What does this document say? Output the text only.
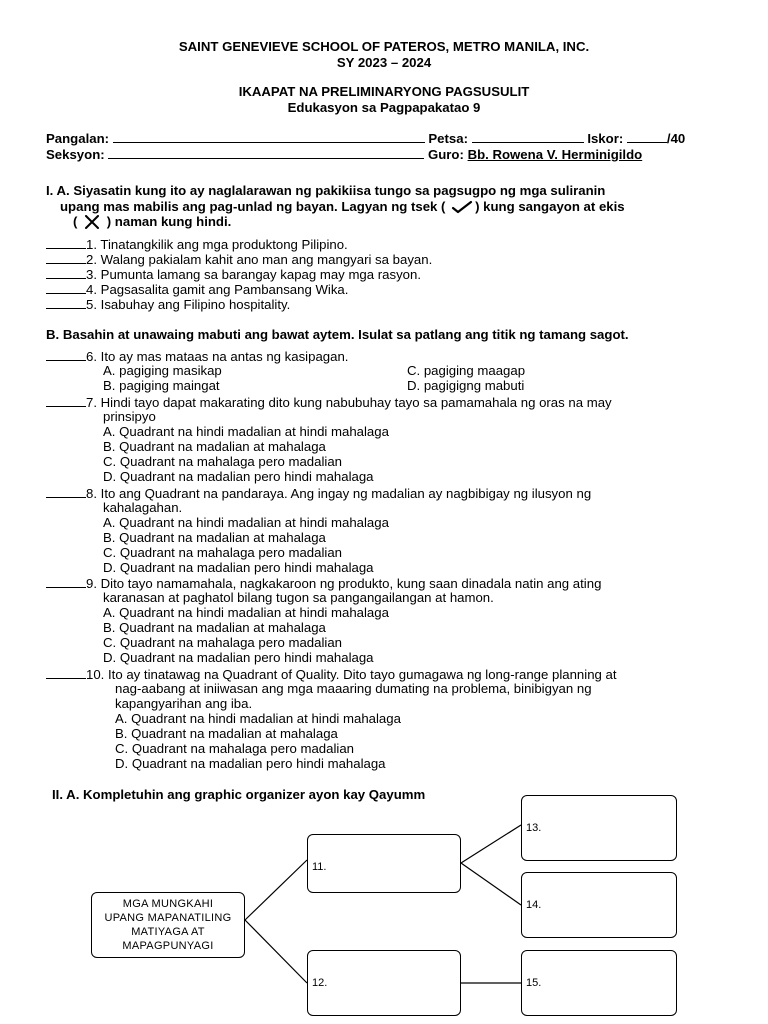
SAINT GENEVIEVE SCHOOL OF PATEROS, METRO MANILA, INC.
SY 2023 – 2024
IKAAPAT NA PRELIMINARYONG PAGSUSULIT
Edukasyon sa Pagpapakatao 9
Pangalan:	Petsa:	Iskor:	/40
Seksyon:	Guro: Bb. Rowena V. Herminigildo
I. A. Siyasatin kung ito ay naglalarawan ng pakikiisa tungo sa pagsugpo ng mga suliranin
upang mas mabilis ang pag-unlad ng bayan. Lagyan ng tsek ( ) kung sangayon at ekis
( ) naman kung hindi.
1. Tinatangkilik ang mga produktong Pilipino.
2. Walang pakialam kahit ano man ang mangyari sa bayan.
3. Pumunta lamang sa barangay kapag may mga rasyon.
4. Pagsasalita gamit ang Pambansang Wika.
5. Isabuhay ang Filipino hospitality.
B. Basahin at unawaing mabuti ang bawat aytem. Isulat sa patlang ang titik ng tamang sagot.
6. Ito ay mas mataas na antas ng kasipagan.
A. pagiging masikap	C. pagiging maagap
B. pagiging maingat	D. pagigigng mabuti
7. Hindi tayo dapat makarating dito kung nabubuhay tayo sa pamamahala ng oras na may
prinsipyo
A. Quadrant na hindi madalian at hindi mahalaga
B. Quadrant na madalian at mahalaga
C. Quadrant na mahalaga pero madalian
D. Quadrant na madalian pero hindi mahalaga
8. Ito ang Quadrant na pandaraya. Ang ingay ng madalian ay nagbibigay ng ilusyon ng
kahalagahan.
A. Quadrant na hindi madalian at hindi mahalaga
B. Quadrant na madalian at mahalaga
C. Quadrant na mahalaga pero madalian
D. Quadrant na madalian pero hindi mahalaga
9. Dito tayo namamahala, nagkakaroon ng produkto, kung saan dinadala natin ang ating
karanasan at paghatol bilang tugon sa pangangailangan at hamon.
A. Quadrant na hindi madalian at hindi mahalaga
B. Quadrant na madalian at mahalaga
C. Quadrant na mahalaga pero madalian
D. Quadrant na madalian pero hindi mahalaga
10. Ito ay tinatawag na Quadrant of Quality. Dito tayo gumagawa ng long-range planning at
nag-aabang at iniiwasan ang mga maaaring dumating na problema, binibigyan ng
kapangyarihan ang iba.
A. Quadrant na hindi madalian at hindi mahalaga
B. Quadrant na madalian at mahalaga
C. Quadrant na mahalaga pero madalian
D. Quadrant na madalian pero hindi mahalaga
II. A. Kompletuhin ang graphic organizer ayon kay Qayumm
MGA MUNGKAHI
UPANG MAPANATILING
MATIYAGA AT
MAPAGPUNYAGI
11.
12.
13.
14.
15.
